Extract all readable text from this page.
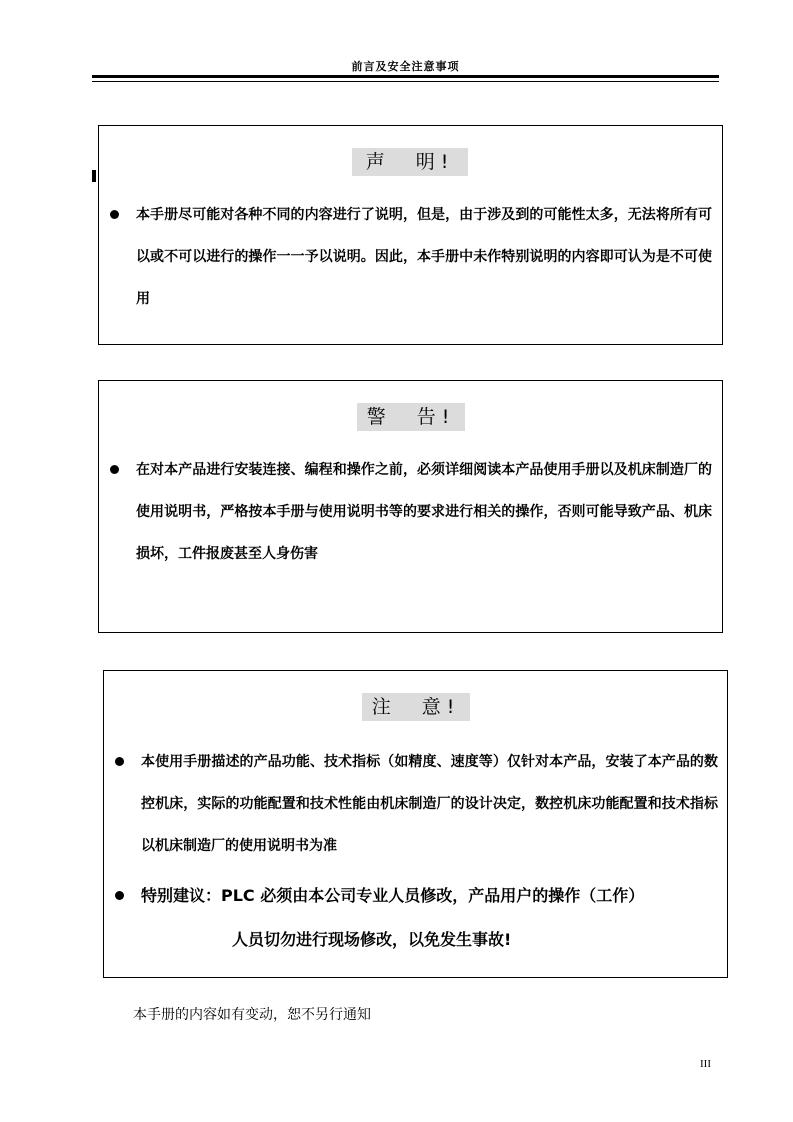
前言及安全注意事项
声　明!
本手册尽可能对各种不同的内容进行了说明，但是，由于涉及到的可能性太多，无法将所有可以或不可以进行的操作一一予以说明。因此，本手册中未作特别说明的内容即可认为是不可使用
警　告!
在对本产品进行安装连接、编程和操作之前，必须详细阅读本产品使用手册以及机床制造厂的使用说明书，严格按本手册与使用说明书等的要求进行相关的操作，否则可能导致产品、机床损坏，工件报废甚至人身伤害
注　意!
本使用手册描述的产品功能、技术指标（如精度、速度等）仅针对本产品，安装了本产品的数控机床，实际的功能配置和技术性能由机床制造厂的设计决定，数控机床功能配置和技术指标以机床制造厂的使用说明书为准
特别建议：PLC 必须由本公司专业人员修改，产品用户的操作（工作）
人员切勿进行现场修改，以免发生事故!
本手册的内容如有变动，恕不另行通知
III
